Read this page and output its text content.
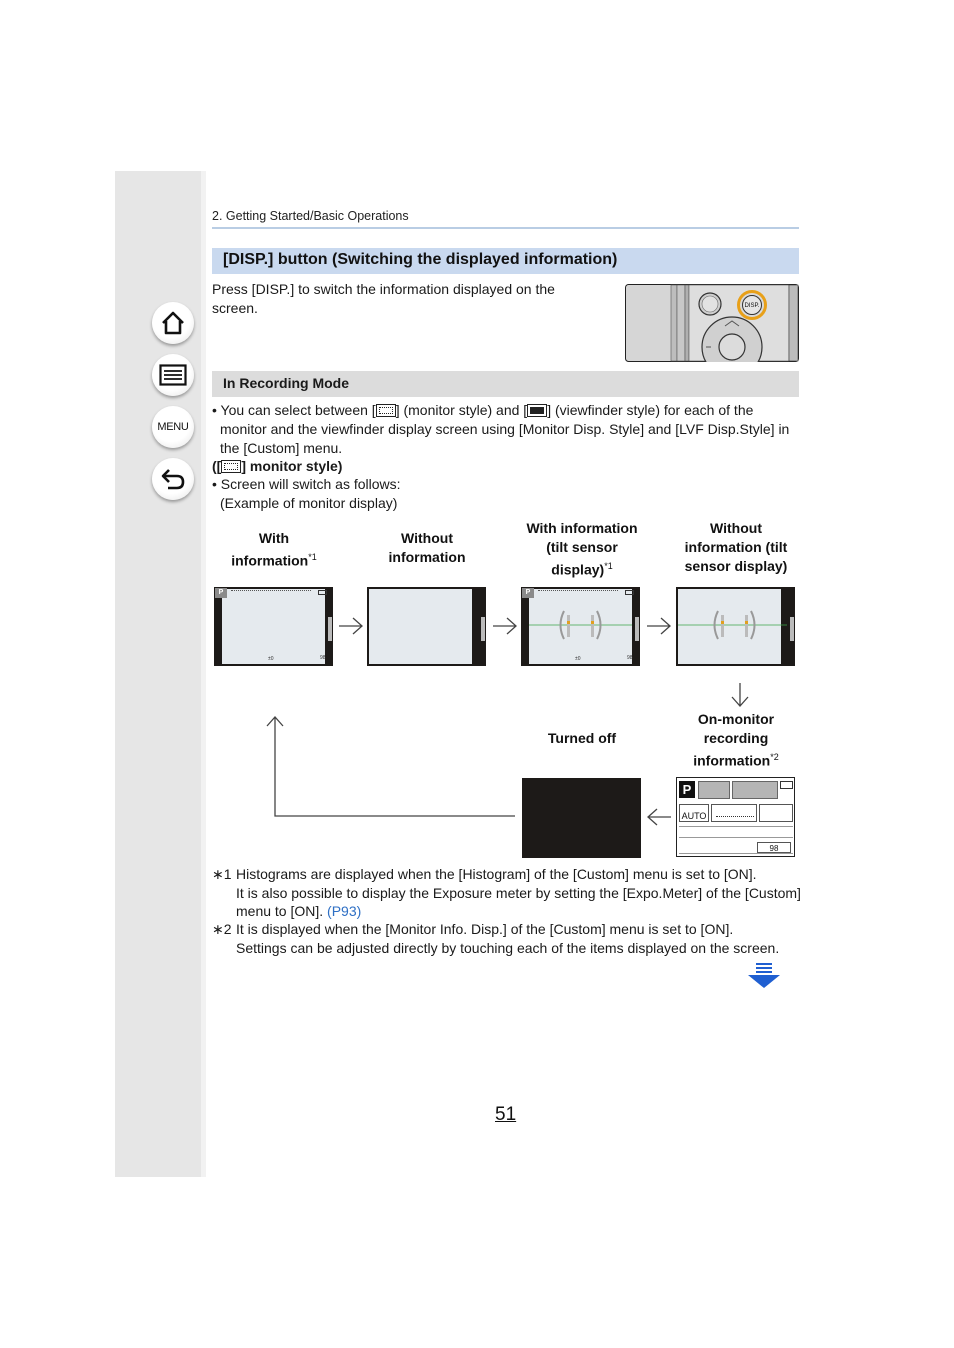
MENU
2. Getting Started/Basic Operations
[DISP.] button (Switching the displayed information)
Press [DISP.] to switch the information displayed on the
screen.	DISP.
In Recording Mode
• You can select between [ ] (monitor style) and [ ] (viewfinder style) for each of the
monitor and the viewfinder display screen using [Monitor Disp. Style] and [LVF Disp.Style] in
the [Custom] menu.
([ ] monitor style)
• Screen will switch as follows:
(Example of monitor display)
With
information$^{*1}$
Without
information
With information
(tilt sensor
display)$^{*1}$
Without
information (tilt
sensor display)
P
±0	98
P
±0	98
Turned off
On-monitor
recording
information$^{*2}$
P
AUTO
98
∗1 Histograms are displayed when the [Histogram] of the [Custom] menu is set to [ON].
It is also possible to display the Exposure meter by setting the [Expo.Meter] of the [Custom]
menu to [ON]. (P93)
∗2 It is displayed when the [Monitor Info. Disp.] of the [Custom] menu is set to [ON].
Settings can be adjusted directly by touching each of the items displayed on the screen.
51
